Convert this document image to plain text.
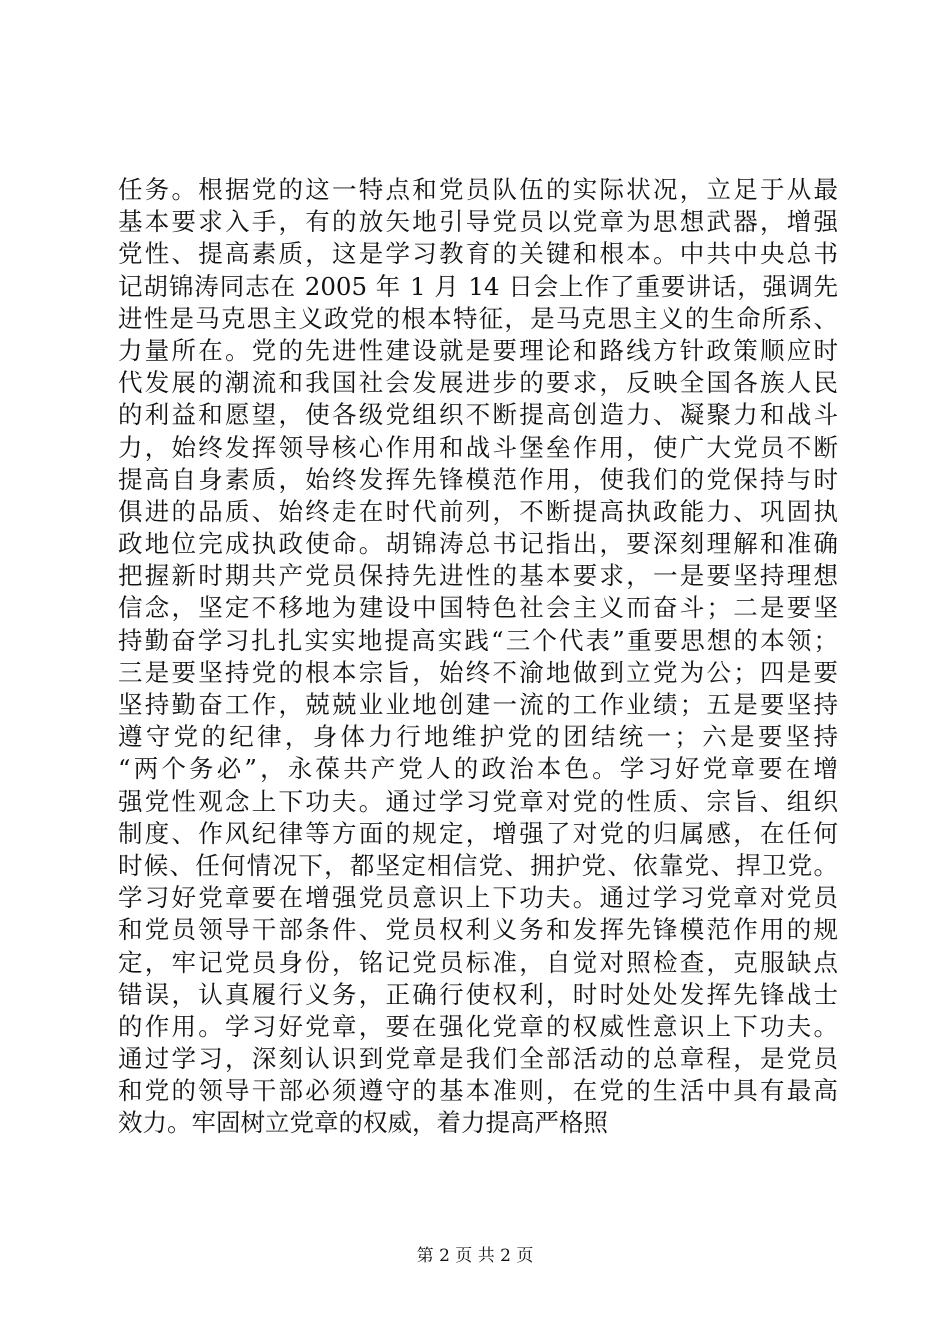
任务。根据党的这一特点和党员队伍的实际状况，立足于从最
基本要求入手，有的放矢地引导党员以党章为思想武器，增强
党性、提高素质，这是学习教育的关键和根本。中共中央总书
记胡锦涛同志在 2005 年 1 月 14 日会上作了重要讲话，强调先
进性是马克思主义政党的根本特征，是马克思主义的生命所系、
力量所在。党的先进性建设就是要理论和路线方针政策顺应时
代发展的潮流和我国社会发展进步的要求，反映全国各族人民
的利益和愿望，使各级党组织不断提高创造力、凝聚力和战斗
力，始终发挥领导核心作用和战斗堡垒作用，使广大党员不断
提高自身素质，始终发挥先锋模范作用，使我们的党保持与时
俱进的品质、始终走在时代前列，不断提高执政能力、巩固执
政地位完成执政使命。胡锦涛总书记指出，要深刻理解和准确
把握新时期共产党员保持先进性的基本要求，一是要坚持理想
信念，坚定不移地为建设中国特色社会主义而奋斗；二是要坚
持勤奋学习扎扎实实地提高实践“三个代表”重要思想的本领；
三是要坚持党的根本宗旨，始终不渝地做到立党为公；四是要
坚持勤奋工作，兢兢业业地创建一流的工作业绩；五是要坚持
遵守党的纪律，身体力行地维护党的团结统一；六是要坚持
“两个务必”，永葆共产党人的政治本色。学习好党章要在增
强党性观念上下功夫。通过学习党章对党的性质、宗旨、组织
制度、作风纪律等方面的规定，增强了对党的归属感，在任何
时候、任何情况下，都坚定相信党、拥护党、依靠党、捍卫党。
学习好党章要在增强党员意识上下功夫。通过学习党章对党员
和党员领导干部条件、党员权利义务和发挥先锋模范作用的规
定，牢记党员身份，铭记党员标准，自觉对照检查，克服缺点
错误，认真履行义务，正确行使权利，时时处处发挥先锋战士
的作用。学习好党章，要在强化党章的权威性意识上下功夫。
通过学习，深刻认识到党章是我们全部活动的总章程，是党员
和党的领导干部必须遵守的基本准则，在党的生活中具有最高
效力。牢固树立党章的权威，着力提高严格照
第 2 页 共 2 页
